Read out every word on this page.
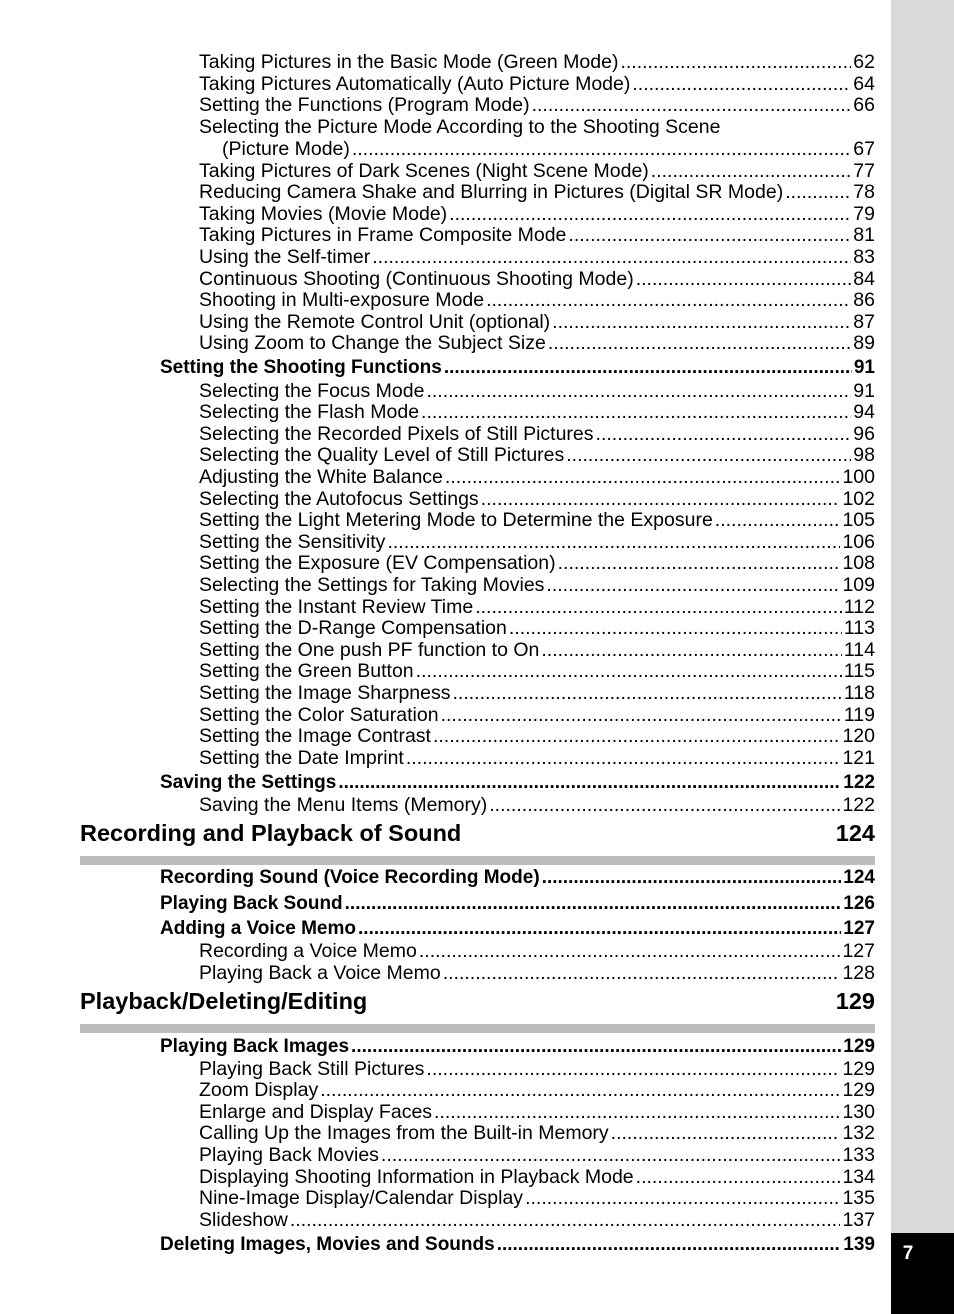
7
Taking Pictures in the Basic Mode (Green Mode) .....	62
Taking Pictures Automatically (Auto Picture Mode) .....	64
Setting the Functions (Program Mode) .....	66
Selecting the Picture Mode According to the Shooting Scene
(Picture Mode) .....	67
Taking Pictures of Dark Scenes (Night Scene Mode) .....	77
Reducing Camera Shake and Blurring in Pictures (Digital SR Mode) .....	78
Taking Movies (Movie Mode) .....	79
Taking Pictures in Frame Composite Mode .....	81
Using the Self-timer .....	83
Continuous Shooting (Continuous Shooting Mode) .....	84
Shooting in Multi-exposure Mode .....	86
Using the Remote Control Unit (optional) .....	87
Using Zoom to Change the Subject Size .....	89
Setting the Shooting Functions .....	91
Selecting the Focus Mode .....	91
Selecting the Flash Mode .....	94
Selecting the Recorded Pixels of Still Pictures .....	96
Selecting the Quality Level of Still Pictures .....	98
Adjusting the White Balance .....	100
Selecting the Autofocus Settings .....	102
Setting the Light Metering Mode to Determine the Exposure .....	105
Setting the Sensitivity .....	106
Setting the Exposure (EV Compensation) .....	108
Selecting the Settings for Taking Movies .....	109
Setting the Instant Review Time .....	112
Setting the D-Range Compensation .....	113
Setting the One push PF function to On .....	114
Setting the Green Button .....	115
Setting the Image Sharpness .....	118
Setting the Color Saturation .....	119
Setting the Image Contrast .....	120
Setting the Date Imprint .....	121
Saving the Settings .....	122
Saving the Menu Items (Memory) .....	122
Recording and Playback of Sound	124
Recording Sound (Voice Recording Mode) .....	124
Playing Back Sound .....	126
Adding a Voice Memo .....	127
Recording a Voice Memo .....	127
Playing Back a Voice Memo .....	128
Playback/Deleting/Editing	129
Playing Back Images .....	129
Playing Back Still Pictures .....	129
Zoom Display .....	129
Enlarge and Display Faces .....	130
Calling Up the Images from the Built-in Memory .....	132
Playing Back Movies .....	133
Displaying Shooting Information in Playback Mode .....	134
Nine-Image Display/Calendar Display .....	135
Slideshow .....	137
Deleting Images, Movies and Sounds .....	139
